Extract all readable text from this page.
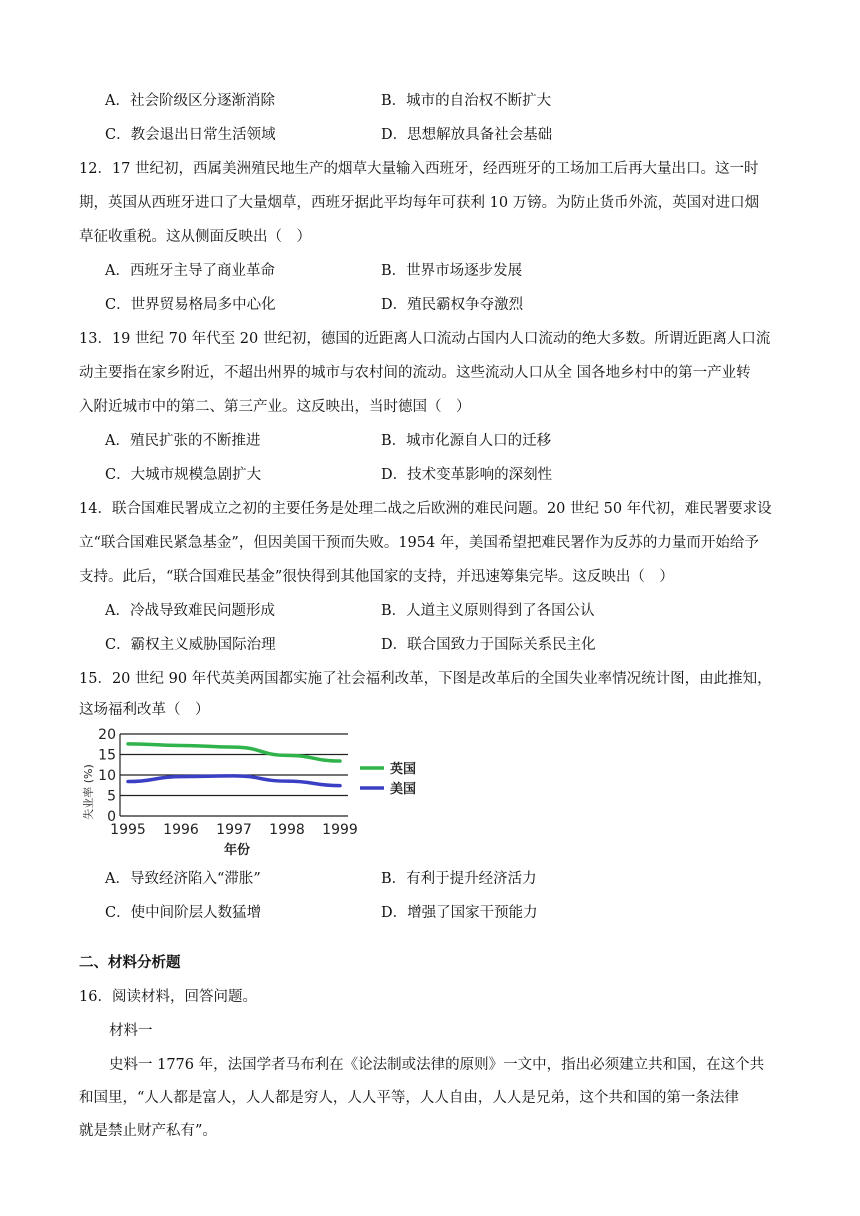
A．社会阶级区分逐渐消除	B．城市的自治权不断扩大
C．教会退出日常生活领域	D．思想解放具备社会基础
12．17 世纪初，西属美洲殖民地生产的烟草大量输入西班牙，经西班牙的工场加工后再大量出口。这一时
期，英国从西班牙进口了大量烟草，西班牙据此平均每年可获利 10 万镑。为防止货币外流，英国对进口烟
草征收重税。这从侧面反映出（　）
A．西班牙主导了商业革命	B．世界市场逐步发展
C．世界贸易格局多中心化	D．殖民霸权争夺激烈
13．19 世纪 70 年代至 20 世纪初，德国的近距离人口流动占国内人口流动的绝大多数。所谓近距离人口流
动主要指在家乡附近，不超出州界的城市与农村间的流动。这些流动人口从全 国各地乡村中的第一产业转
入附近城市中的第二、第三产业。这反映出，当时德国（　）
A．殖民扩张的不断推进	B．城市化源自人口的迁移
C．大城市规模急剧扩大	D．技术变革影响的深刻性
14．联合国难民署成立之初的主要任务是处理二战之后欧洲的难民问题。20 世纪 50 年代初，难民署要求设
立“联合国难民紧急基金”，但因美国干预而失败。1954 年，美国希望把难民署作为反苏的力量而开始给予
支持。此后，“联合国难民基金”很快得到其他国家的支持，并迅速筹集完毕。这反映出（　）
A．冷战导致难民问题形成	B．人道主义原则得到了各国公认
C．霸权主义威胁国际治理	D．联合国致力于国际关系民主化
15．20 世纪 90 年代英美两国都实施了社会福利改革，下图是改革后的全国失业率情况统计图，由此推知，
这场福利改革（　）
0
5
10
15
20
1995 1996 1997 1998 1999
英国
美国
失业率 (%)
年份
A．导致经济陷入“滞胀”	B．有利于提升经济活力
C．使中间阶层人数猛增	D．增强了国家干预能力
二、材料分析题
16．阅读材料，回答问题。
材料一
史料一 1776 年，法国学者马布利在《论法制或法律的原则》一文中，指出必须建立共和国，在这个共
和国里，“人人都是富人，人人都是穷人，人人平等，人人自由，人人是兄弟，这个共和国的第一条法律
就是禁止财产私有”。
